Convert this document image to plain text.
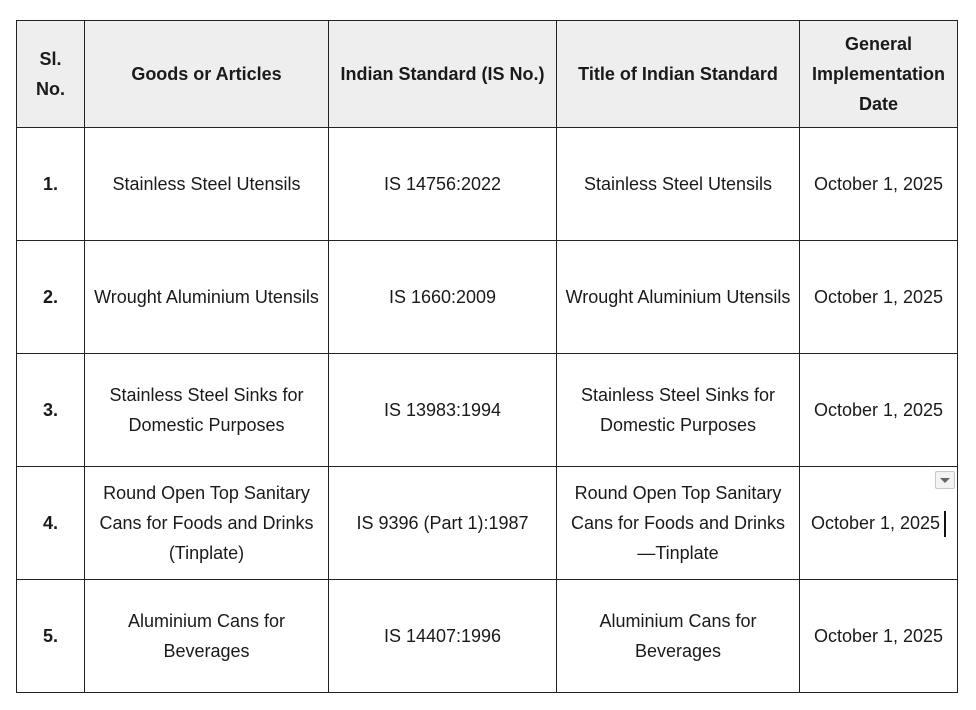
Sl. No.	Goods or Articles	Indian Standard (IS No.)	Title of Indian Standard	General Implementation Date
1.	Stainless Steel Utensils	IS 14756:2022	Stainless Steel Utensils	October 1, 2025
2.	Wrought Aluminium Utensils	IS 1660:2009	Wrought Aluminium Utensils	October 1, 2025
3.	Stainless Steel Sinks for Domestic Purposes	IS 13983:1994	Stainless Steel Sinks for Domestic Purposes	October 1, 2025
4.	Round Open Top Sanitary Cans for Foods and Drinks (Tinplate)	IS 9396 (Part 1):1987	Round Open Top Sanitary Cans for Foods and Drinks—Tinplate	October 1, 2025
5.	Aluminium Cans for Beverages	IS 14407:1996	Aluminium Cans for Beverages	October 1, 2025
